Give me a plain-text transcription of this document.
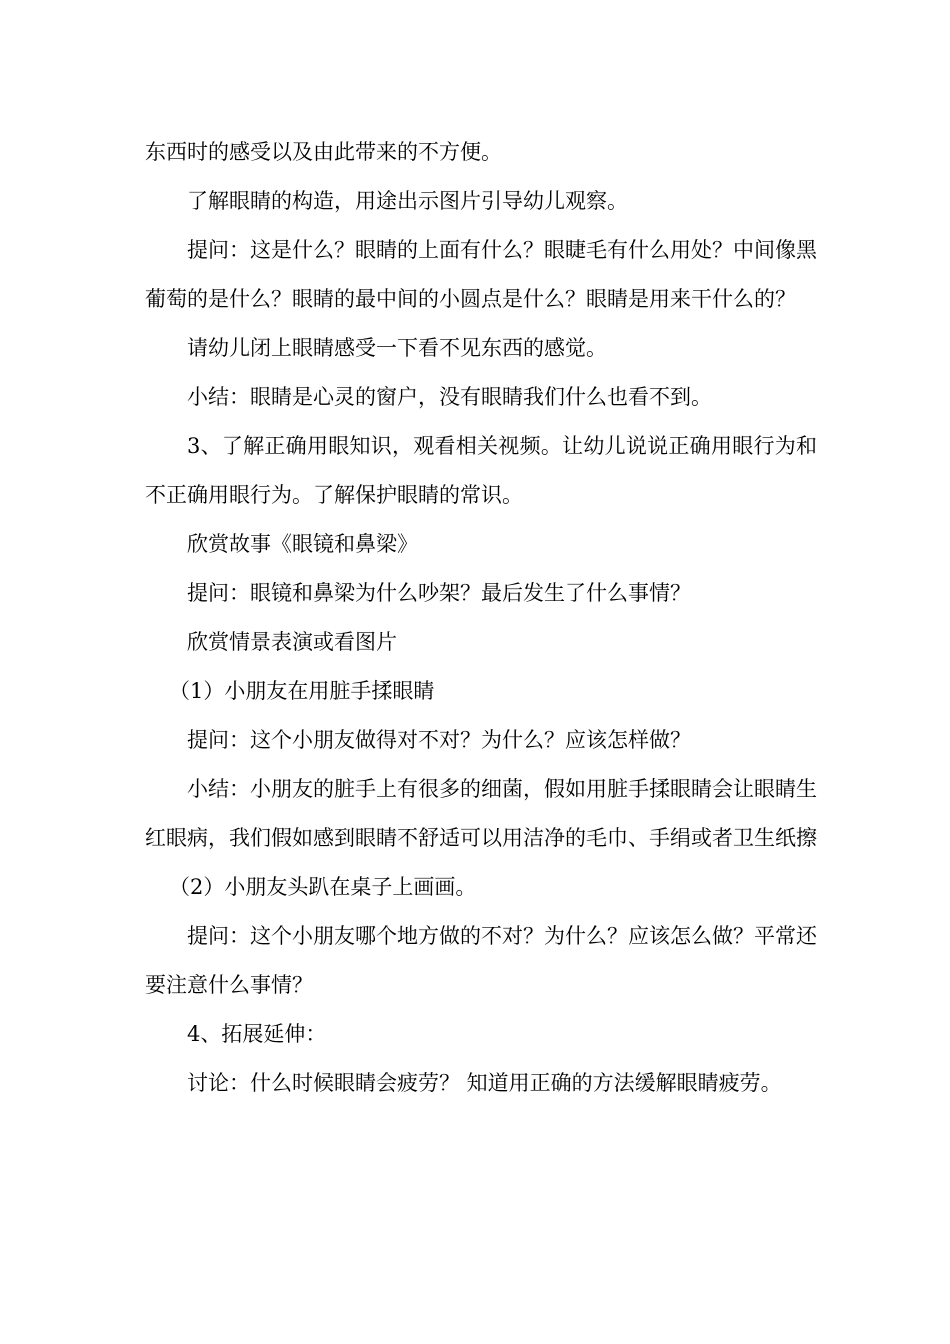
东西时的感受以及由此带来的不方便。

了解眼睛的构造，用途出示图片引导幼儿观察。

提问：这是什么？眼睛的上面有什么？眼睫毛有什么用处？中间像黑葡萄的是什么？眼睛的最中间的小圆点是什么？眼睛是用来干什么的？

请幼儿闭上眼睛感受一下看不见东西的感觉。

小结：眼睛是心灵的窗户，没有眼睛我们什么也看不到。

3、了解正确用眼知识，观看相关视频。让幼儿说说正确用眼行为和不正确用眼行为。了解保护眼睛的常识。

欣赏故事《眼镜和鼻梁》

提问：眼镜和鼻梁为什么吵架？最后发生了什么事情？

欣赏情景表演或看图片

（1）小朋友在用脏手揉眼睛

提问：这个小朋友做得对不对？为什么？应该怎样做？

小结：小朋友的脏手上有很多的细菌，假如用脏手揉眼睛会让眼睛生红眼病，我们假如感到眼睛不舒适可以用洁净的毛巾、手绢或者卫生纸擦

（2）小朋友头趴在桌子上画画。

提问：这个小朋友哪个地方做的不对？为什么？应该怎么做？平常还要注意什么事情？

4、拓展延伸：

讨论：什么时候眼睛会疲劳？ 知道用正确的方法缓解眼睛疲劳。
